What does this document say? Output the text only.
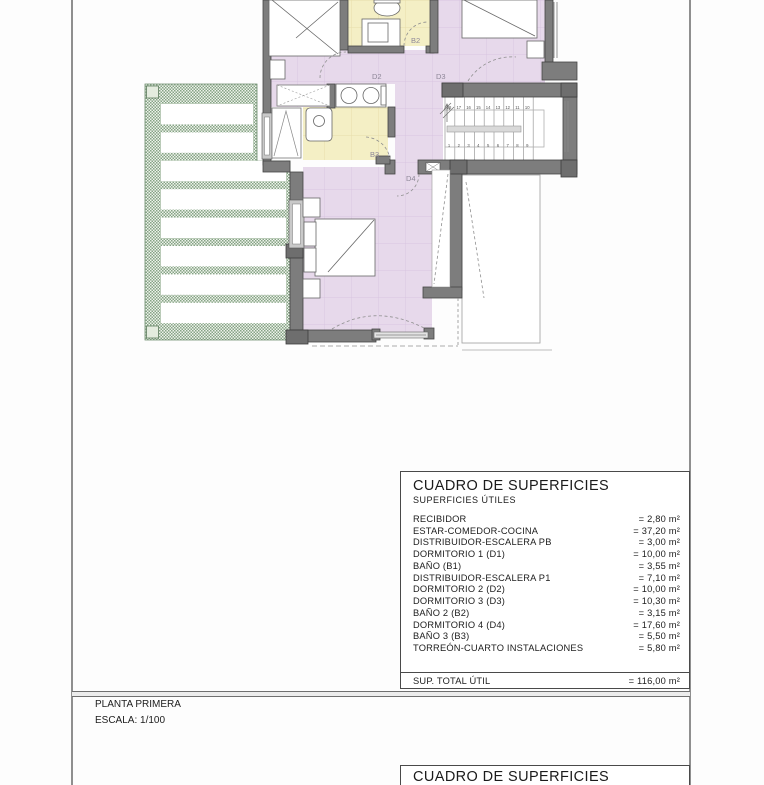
18 17 16 15 14 13 12 11 10
1 2 3 4 5 6 7 8 9
B2
D2	D3
B3
D4
CUADRO DE SUPERFICIES
SUPERFICIES ÚTILES
RECIBIDOR	= 2,80 m²
ESTAR-COMEDOR-COCINA	= 37,20 m²
DISTRIBUIDOR-ESCALERA PB	= 3,00 m²
DORMITORIO 1 (D1)	= 10,00 m²
BAÑO (B1)	= 3,55 m²
DISTRIBUIDOR-ESCALERA P1	= 7,10 m²
DORMITORIO 2 (D2)	= 10,00 m²
DORMITORIO 3 (D3)	= 10,30 m²
BAÑO 2 (B2)	= 3,15 m²
DORMITORIO 4 (D4)	= 17,60 m²
BAÑO 3 (B3)	= 5,50 m²
TORREÓN-CUARTO INSTALACIONES	= 5,80 m²
SUP. TOTAL ÚTIL	= 116,00 m²
PLANTA PRIMERA
ESCALA: 1/100
CUADRO DE SUPERFICIES
